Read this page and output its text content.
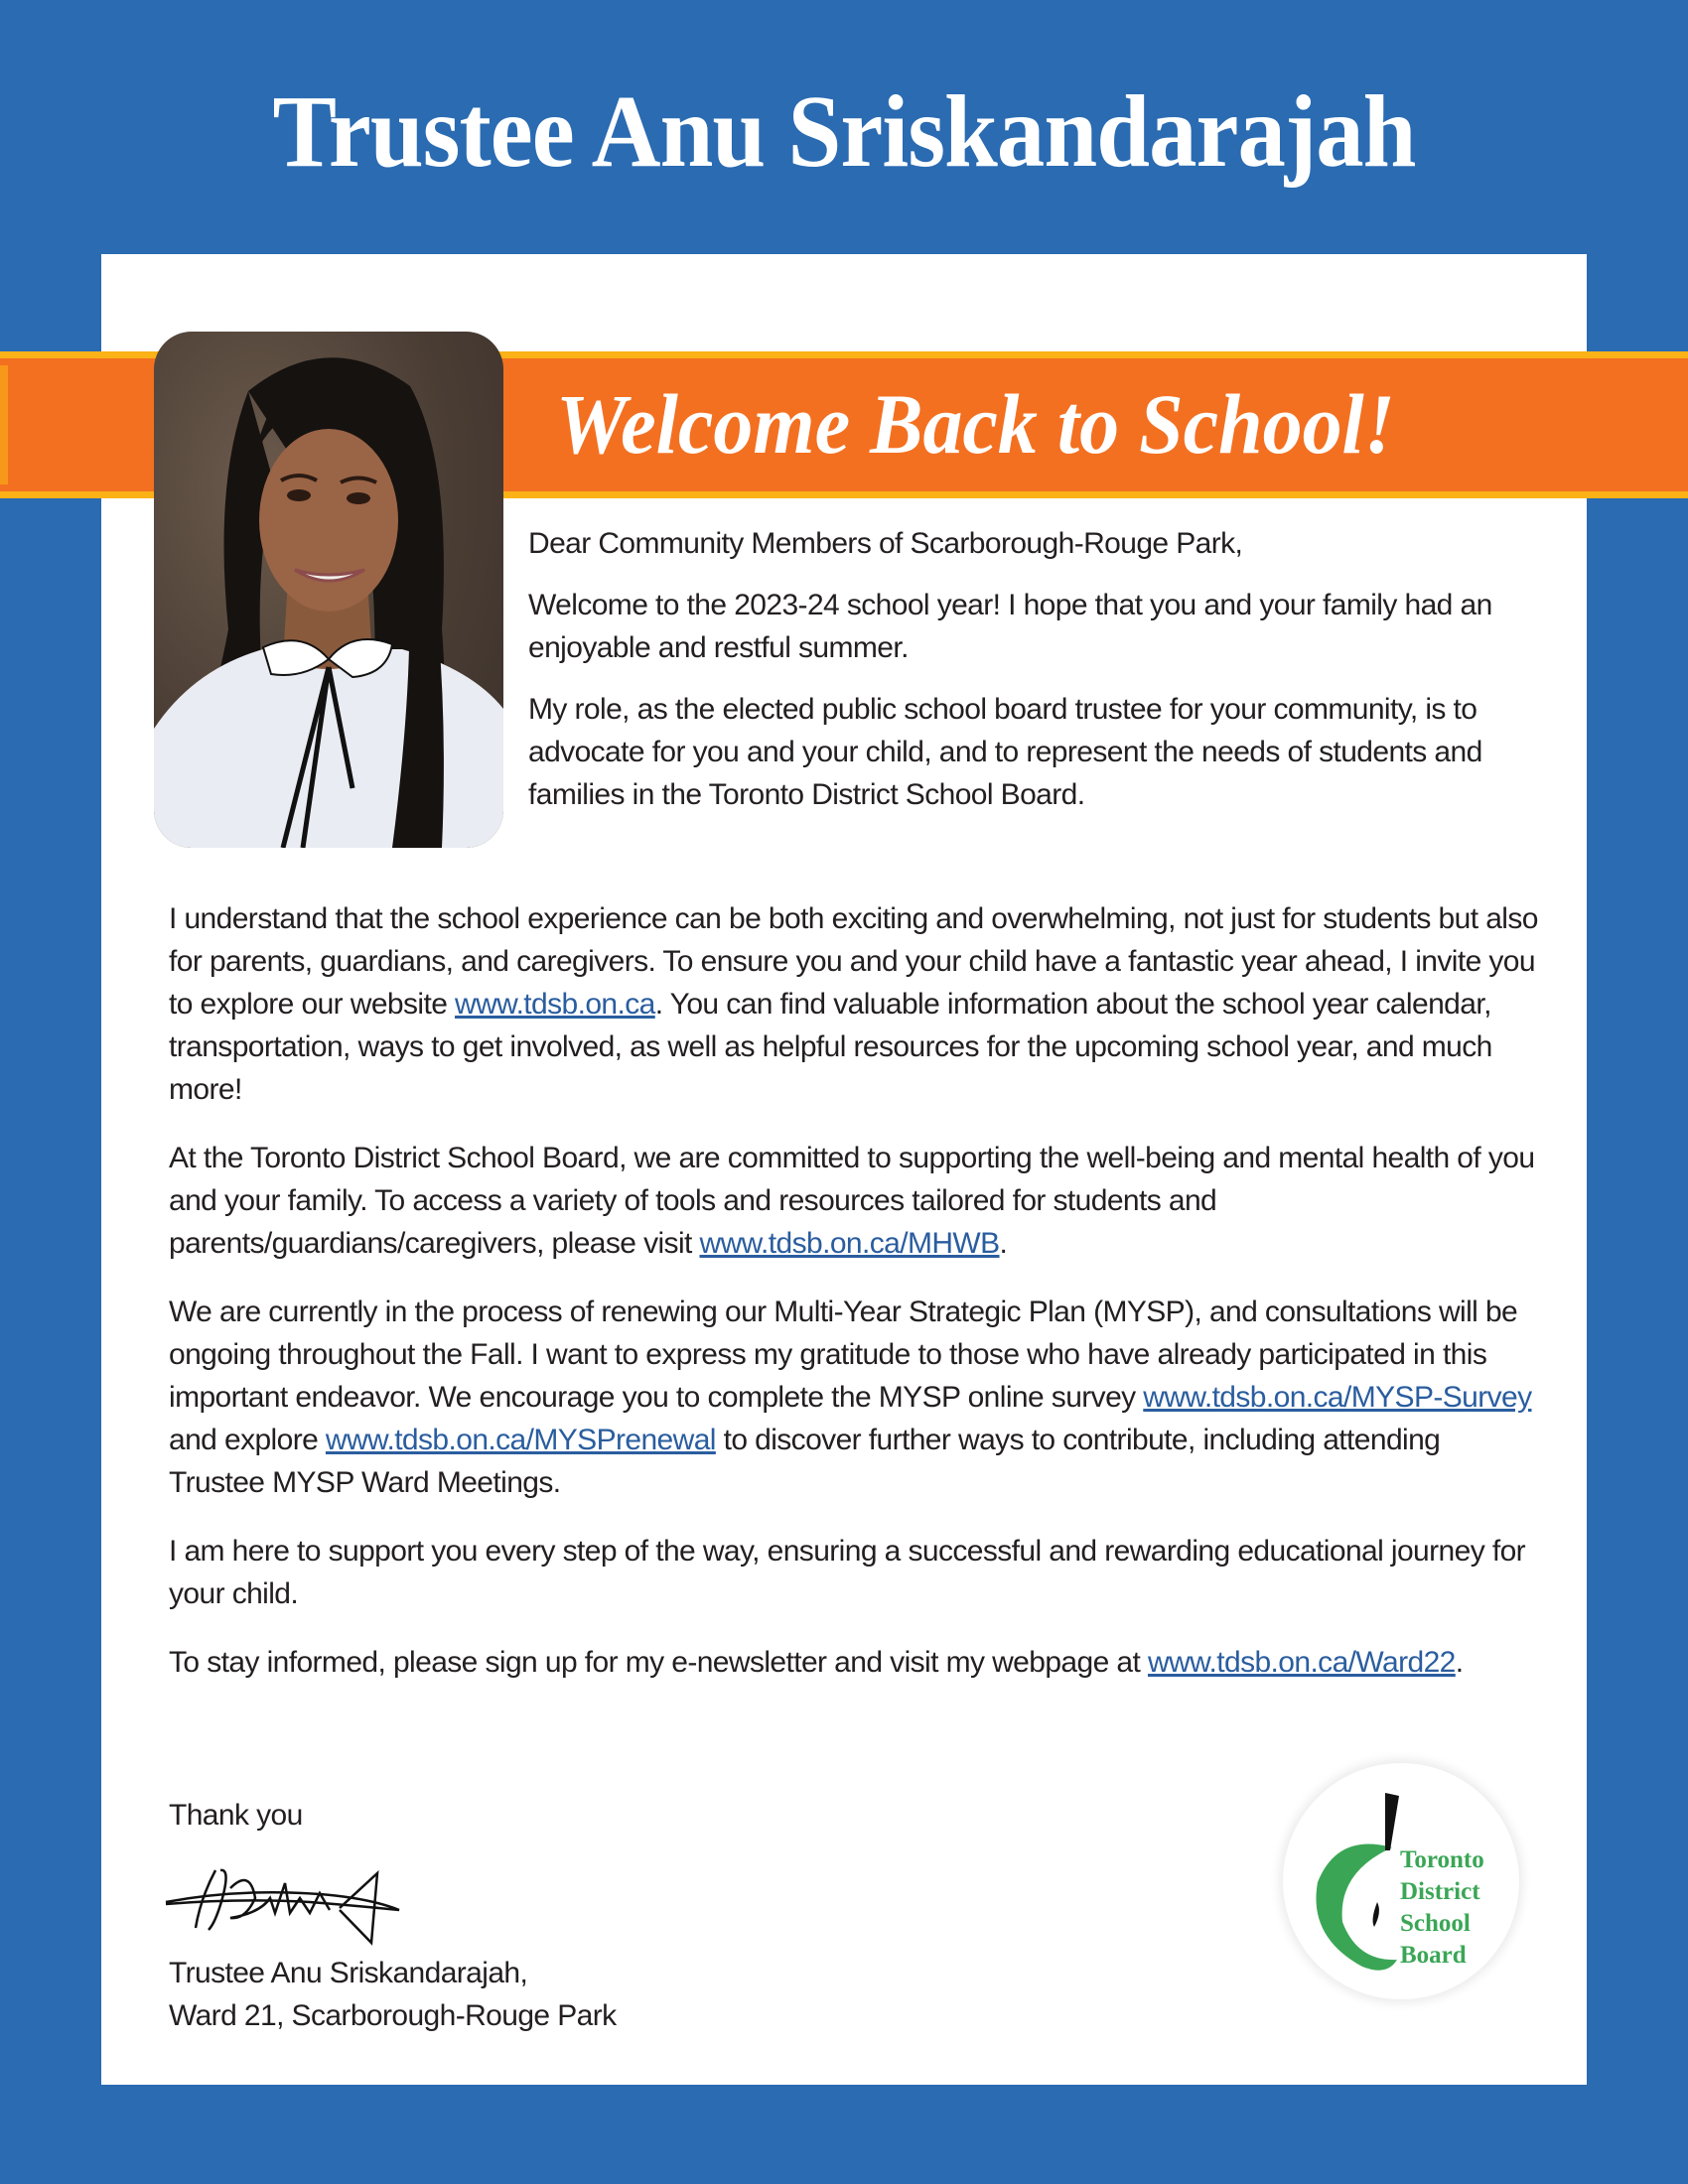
Trustee Anu Sriskandarajah
Welcome Back to School!

Dear Community Members of Scarborough-Rouge Park,

Welcome to the 2023-24 school year! I hope that you and your family had an enjoyable and restful summer.

My role, as the elected public school board trustee for your community, is to advocate for you and your child, and to represent the needs of students and families in the Toronto District School Board.

I understand that the school experience can be both exciting and overwhelming, not just for students but also for parents, guardians, and caregivers. To ensure you and your child have a fantastic year ahead, I invite you to explore our website www.tdsb.on.ca. You can find valuable information about the school year calendar, transportation, ways to get involved, as well as helpful resources for the upcoming school year, and much more!

At the Toronto District School Board, we are committed to supporting the well-being and mental health of you and your family. To access a variety of tools and resources tailored for students and parents/guardians/caregivers, please visit www.tdsb.on.ca/MHWB.

We are currently in the process of renewing our Multi-Year Strategic Plan (MYSP), and consultations will be ongoing throughout the Fall. I want to express my gratitude to those who have already participated in this important endeavor. We encourage you to complete the MYSP online survey www.tdsb.on.ca/MYSP-Survey and explore www.tdsb.on.ca/MYSPrenewal to discover further ways to contribute, including attending Trustee MYSP Ward Meetings.

I am here to support you every step of the way, ensuring a successful and rewarding educational journey for your child.

To stay informed, please sign up for my e-newsletter and visit my webpage at www.tdsb.on.ca/Ward22.

Thank you

Trustee Anu Sriskandarajah,

Ward 21, Scarborough-Rouge Park

Toronto
District
School
Board
